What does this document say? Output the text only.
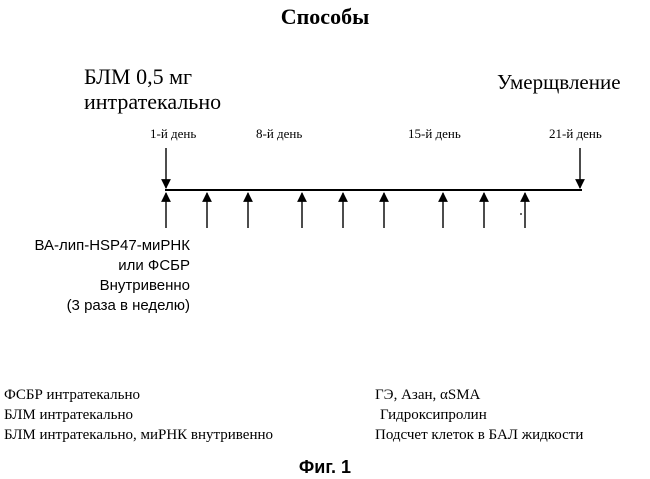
Способы
БЛМ 0,5 мг
интратекально
Умерщвление
1-й день	8-й день	15-й день	21-й день
ВА-лип-HSP47-миРНК
или ФСБР
Внутривенно
(3 раза в неделю)
ФСБР интратекально
БЛМ интратекально
БЛМ интратекально, миРНК внутривенно
ГЭ, Азан, αSMA
Гидроксипролин
Подсчет клеток в БАЛ жидкости
Фиг. 1
